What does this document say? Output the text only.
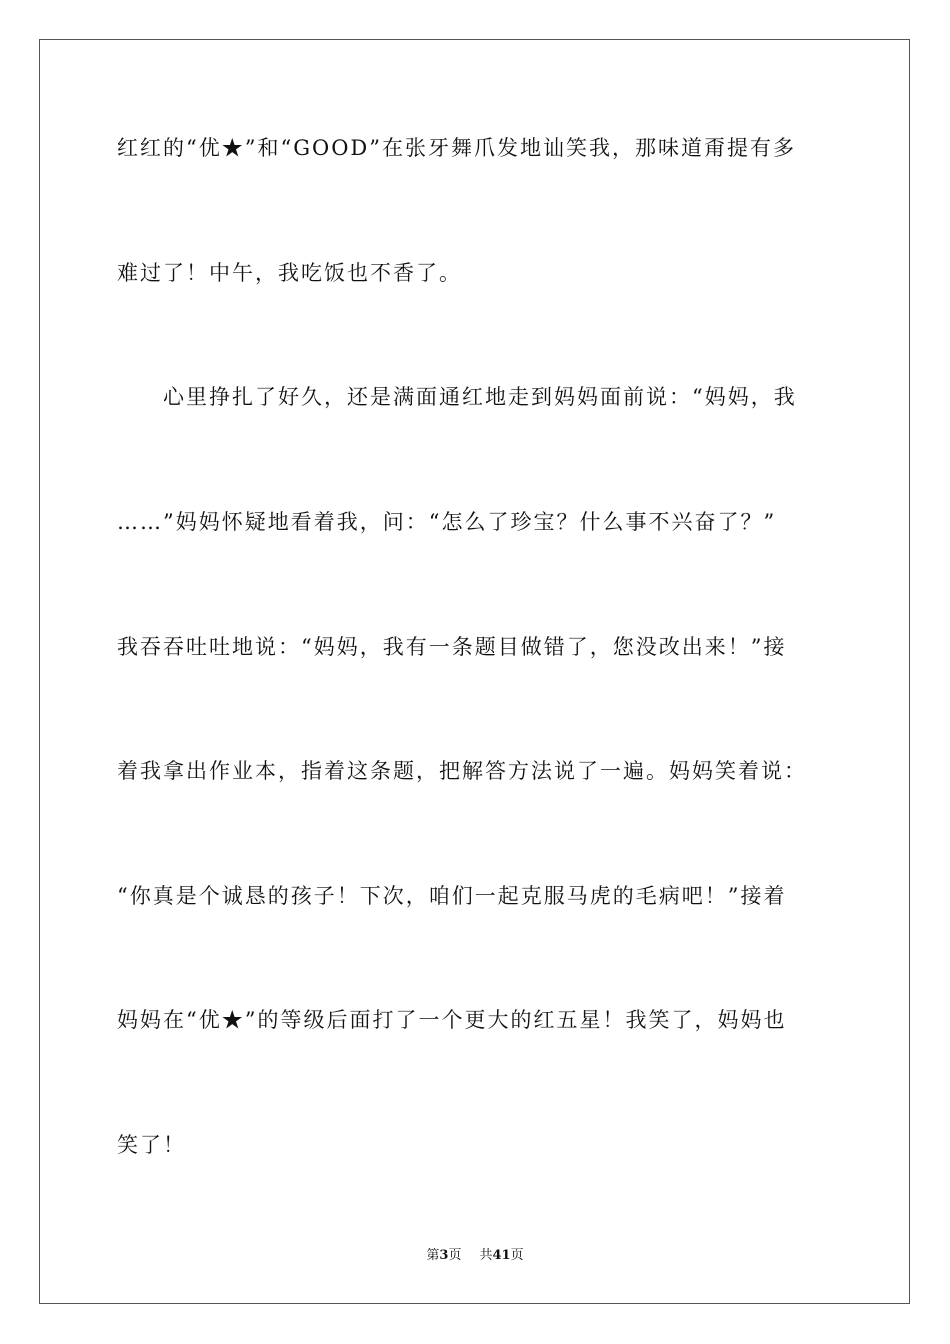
红红的“优★”和“GOOD”在张牙舞爪发地讪笑我，那味道甭提有多
难过了！中午，我吃饭也不香了。
　　心里挣扎了好久，还是满面通红地走到妈妈面前说：“妈妈，我
……”妈妈怀疑地看着我，问：“怎么了珍宝？什么事不兴奋了？”
我吞吞吐吐地说：“妈妈，我有一条题目做错了，您没改出来！”接
着我拿出作业本，指着这条题，把解答方法说了一遍。妈妈笑着说：
“你真是个诚恳的孩子！下次，咱们一起克服马虎的毛病吧！”接着
妈妈在“优★”的等级后面打了一个更大的红五星！我笑了，妈妈也
笑了！
第3页 共41页
